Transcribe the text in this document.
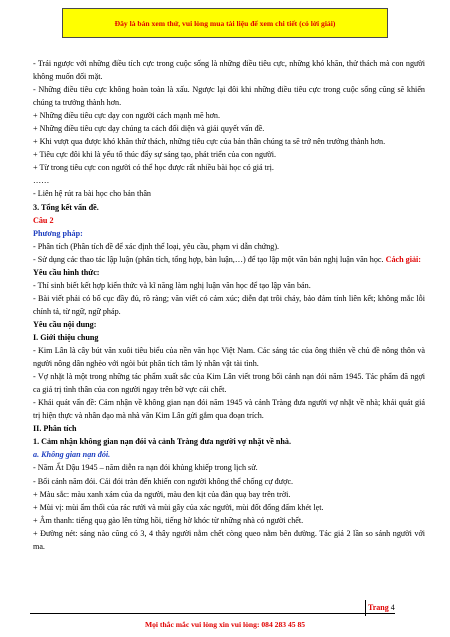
Đây là bản xem thử, vui lòng mua tài liệu để xem chi tiết (có lời giải)

- Trái ngược với những điều tích cực trong cuộc sống là những điều tiêu cực, những khó khăn, thử thách mà con người không muốn đối mặt.

- Những điều tiêu cực không hoàn toàn là xấu. Ngược lại đôi khi những điều tiêu cực trong cuộc sống cũng sẽ khiến chúng ta trưởng thành hơn.

+ Những điều tiêu cực dạy con người cách mạnh mẽ hơn.

+ Những điều tiêu cực dạy chúng ta cách đối diện và giải quyết vấn đề.

+ Khi vượt qua được khó khăn thử thách, những tiêu cực của bản thân chúng ta sẽ trở nên trưởng thành hơn.

+ Tiêu cực đôi khi là yếu tố thúc đẩy sự sáng tạo, phát triển của con người.

+ Từ trong tiêu cực con người có thể học được rất nhiều bài học có giá trị.

……

- Liên hệ rút ra bài học cho bản thân

3. Tổng kết vấn đề.

Câu 2

Phương pháp:

- Phân tích (Phân tích đề để xác định thể loại, yêu cầu, phạm vi dẫn chứng).

- Sử dụng các thao tác lập luận (phân tích, tổng hợp, bàn luận,…) để tạo lập một văn bản nghị luận văn học. Cách giải:

Yêu cầu hình thức:

- Thí sinh biết kết hợp kiến thức và kĩ năng làm nghị luận văn học để tạo lập văn bản.

- Bài viết phải có bố cục đầy đủ, rõ ràng; văn viết có cảm xúc; diễn đạt trôi chảy, bảo đảm tính liên kết; không mắc lỗi chính tả, từ ngữ, ngữ pháp.

Yêu cầu nội dung:

I. Giới thiệu chung

- Kim Lân là cây bút văn xuôi tiêu biểu của nền văn học Việt Nam. Các sáng tác của ông thiên về chủ đề nông thôn và người nông dân nghèo với ngòi bút phân tích tâm lý nhân vật tài tình.

- Vợ nhặt là một trong những tác phẩm xuất sắc của Kim Lân viết trong bối cảnh nạn đói năm 1945. Tác phẩm đã ngợi ca giá trị tình thân của con người ngay trên bờ vực cái chết.

- Khái quát vấn đề: Cảm nhận về không gian nạn đói năm 1945 và cảnh Tràng đưa người vợ nhặt về nhà; khái quát giá trị hiện thực và nhân đạo mà nhà văn Kim Lân gửi gắm qua đoạn trích.

II. Phân tích

1. Cảm nhận không gian nạn đói và cảnh Tràng đưa người vợ nhặt về nhà.

a. Không gian nạn đói.

- Năm Ất Dậu 1945 – năm diễn ra nạn đói khủng khiếp trong lịch sử.

- Bối cảnh năm đói. Cái đói tràn đến khiến con người không thể chống cự được.

+ Màu sắc: màu xanh xám của da người, màu đen kịt của đàn quạ bay trên trời.

+ Mùi vị: mùi ẩm thối của rác rưởi và mùi gây của xác người, mùi đốt đống đấm khét lẹt.

+ Âm thanh: tiếng quạ gào lên từng hồi, tiếng hờ khóc từ những nhà có người chết.

+ Đường nét: sáng nào cũng có 3, 4 thây người nằm chết còng queo nằm bên đường. Tác giả 2 lần so sánh người với ma.

Trang 4
Mọi thắc mắc vui lòng xin vui lòng: 084 283 45 85
